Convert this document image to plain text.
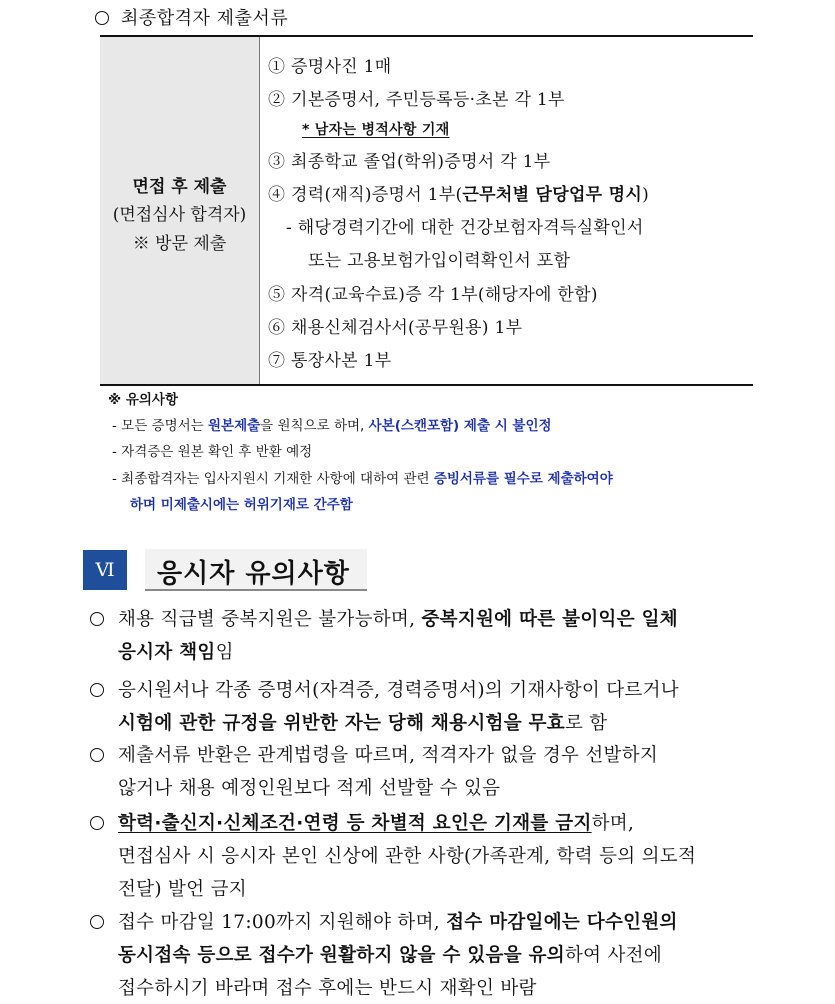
최종합격자 제출서류
면접 후 제출
(면접심사 합격자)
※ 방문 제출
① 증명사진 1매
② 기본증명서, 주민등록등·초본 각 1부
* 남자는 병적사항 기재
③ 최종학교 졸업(학위)증명서 각 1부
④ 경력(재직)증명서 1부(근무처별 담당업무 명시)
- 해당경력기간에 대한 건강보험자격득실확인서
또는 고용보험가입이력확인서 포함
⑤ 자격(교육수료)증 각 1부(해당자에 한함)
⑥ 채용신체검사서(공무원용) 1부
⑦ 통장사본 1부
※ 유의사항
- 모든 증명서는 원본제출을 원칙으로 하며, 사본(스캔포함) 제출 시 불인정
- 자격증은 원본 확인 후 반환 예정
- 최종합격자는 입사지원시 기재한 사항에 대하여 관련 증빙서류를 필수로 제출하여야
하며 미제출시에는 허위기재로 간주함
Ⅵ	응시자 유의사항
채용 직급별 중복지원은 불가능하며, 중복지원에 따른 불이익은 일체
응시자 책임임
응시원서나 각종 증명서(자격증, 경력증명서)의 기재사항이 다르거나
시험에 관한 규정을 위반한 자는 당해 채용시험을 무효로 함
제출서류 반환은 관계법령을 따르며, 적격자가 없을 경우 선발하지
않거나 채용 예정인원보다 적게 선발할 수 있음
학력·출신지·신체조건·연령 등 차별적 요인은 기재를 금지하며,
면접심사 시 응시자 본인 신상에 관한 사항(가족관계, 학력 등의 의도적
전달) 발언 금지
접수 마감일 17:00까지 지원해야 하며, 접수 마감일에는 다수인원의
동시접속 등으로 접수가 원활하지 않을 수 있음을 유의하여 사전에
접수하시기 바라며 접수 후에는 반드시 재확인 바람
